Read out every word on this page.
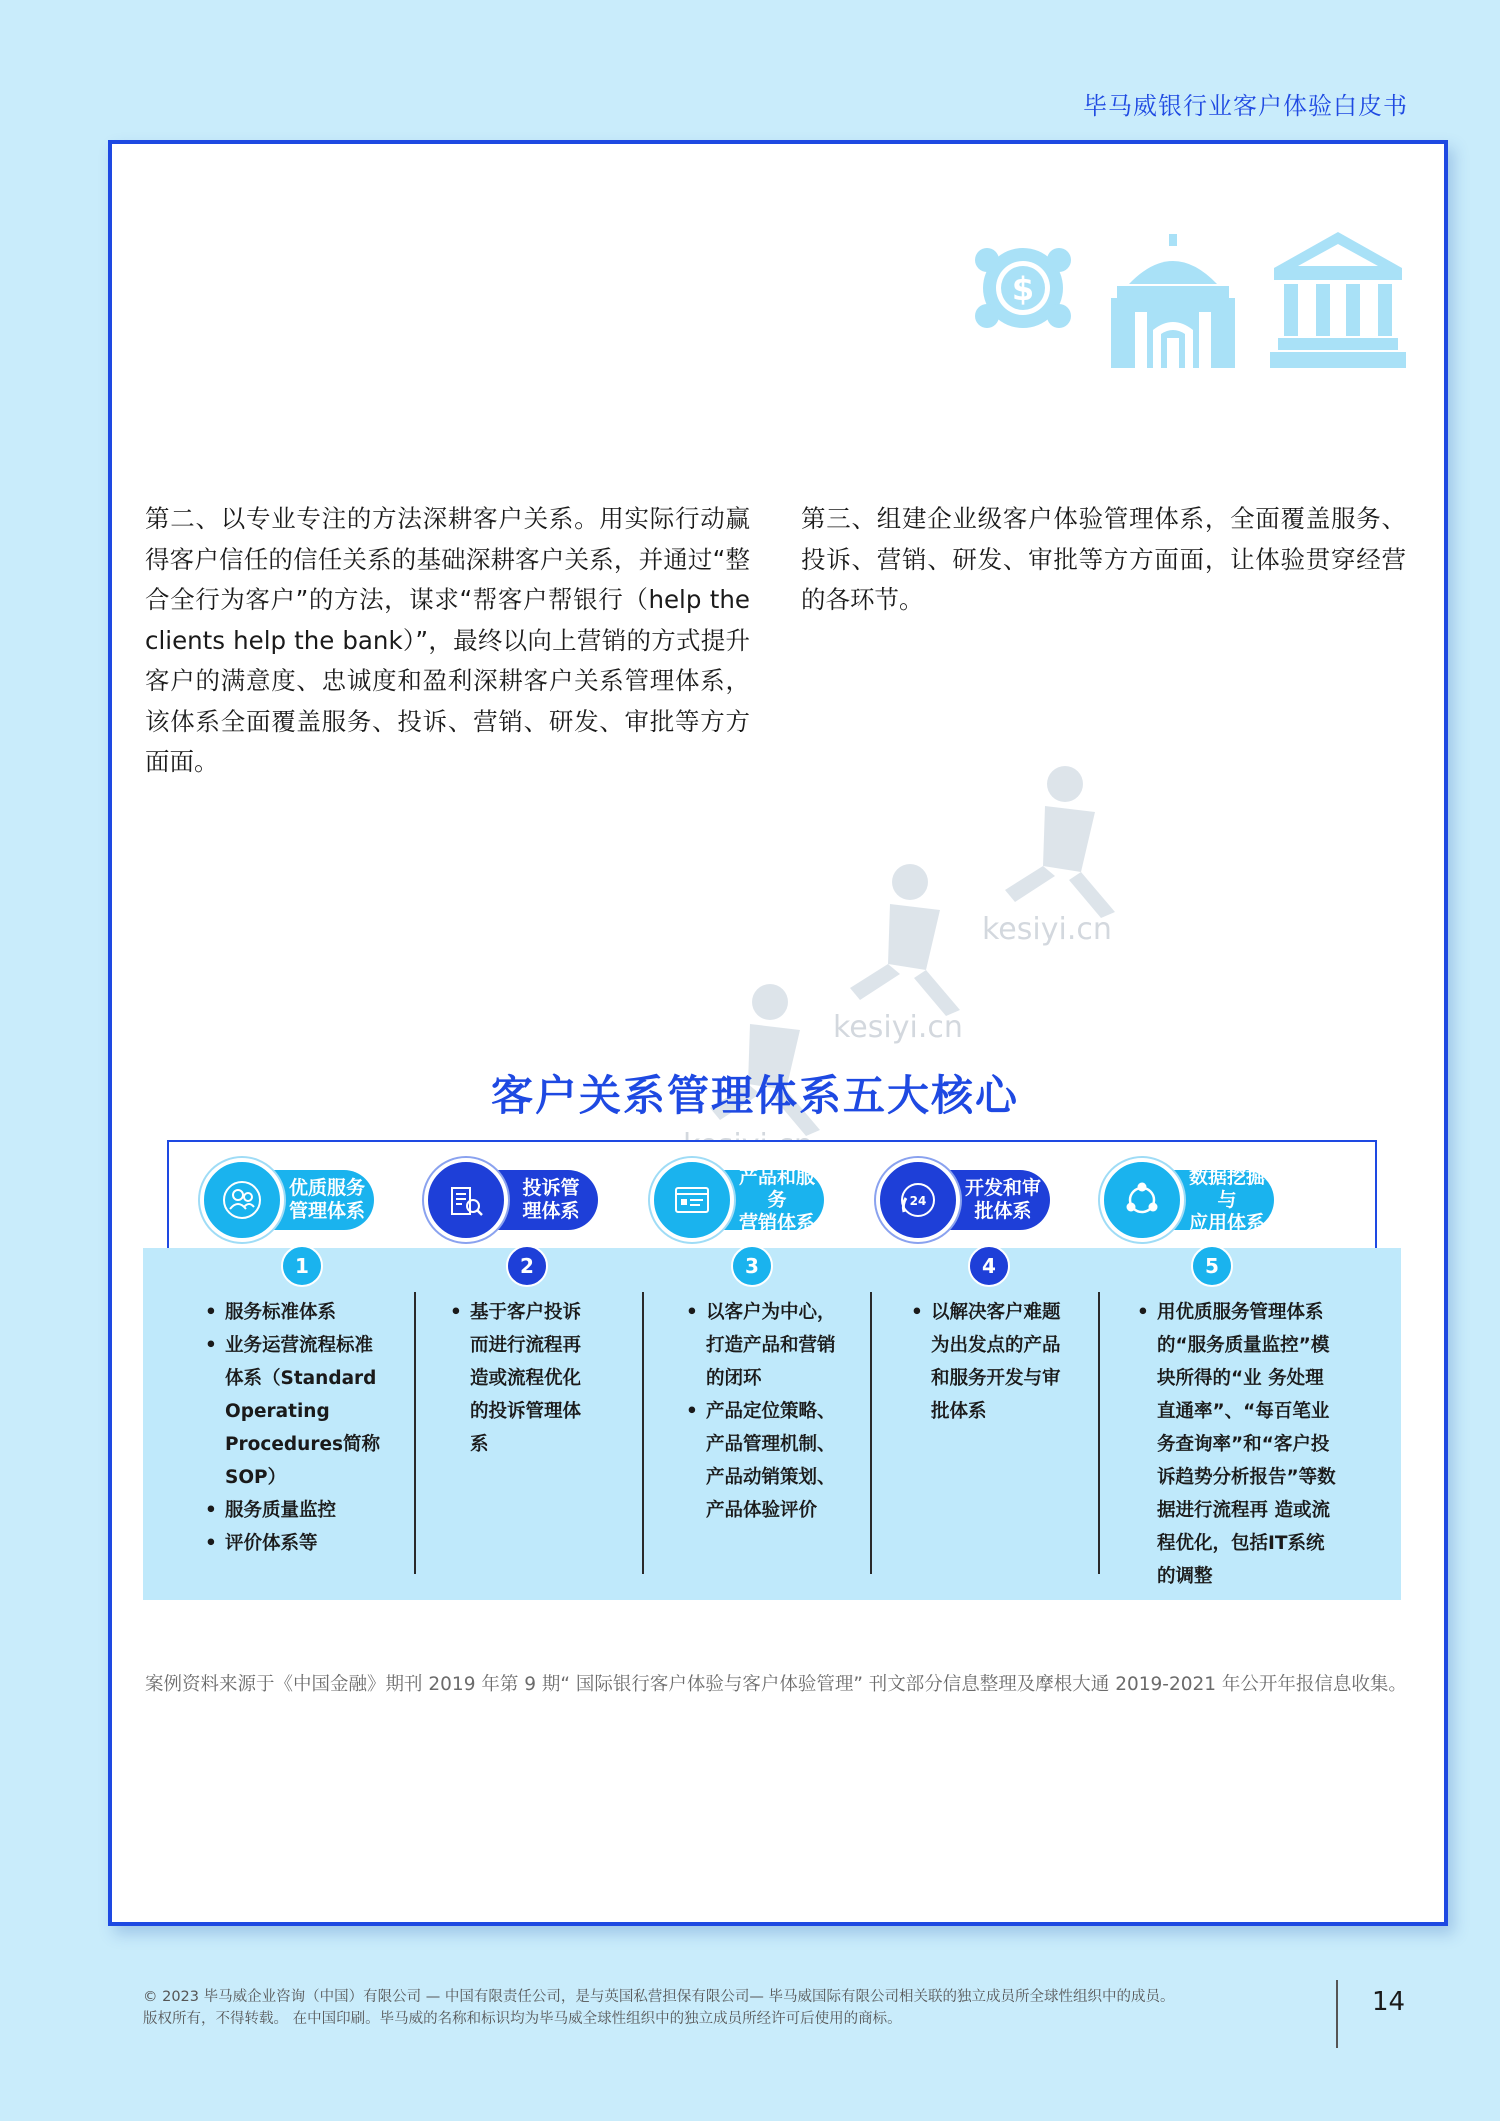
毕马威银行业客户体验白皮书
$
第二、以专业专注的方法深耕客户关系。用实际行动赢得客户信任的信任关系的基础深耕客户关系，并通过“整合全行为客户”的方法，谋求“帮客户帮银行（help the clients help the bank）”，最终以向上营销的方式提升客户的满意度、忠诚度和盈利深耕客户关系管理体系，该体系全面覆盖服务、投诉、营销、研发、审批等方方面面。
第三、组建企业级客户体验管理体系，全面覆盖服务、投诉、营销、研发、审批等方方面面，让体验贯穿经营的各环节。
kesiyi.cn
kesiyi.cn
客户关系管理体系五大核心
优质服务
管理体系
投诉管
理体系
产品和服务
营销体系
开发和审
批体系
24
数据挖掘与
应用体系
1	2	3	4	5
• 服务标准体系
• 业务运营流程标准体系（Standard Operating Procedures简称SOP）
• 服务质量监控
• 评价体系等
• 基于客户投诉而进行流程再造或流程优化的投诉管理体系
• 以客户为中心，打造产品和营销的闭环
• 产品定位策略、产品管理机制、产品动销策划、产品体验评价
• 以解决客户难题为出发点的产品和服务开发与审批体系
• 用优质服务管理体系的“服务质量监控”模块所得的“业 务处理直通率”、“每百笔业务查询率”和“客户投诉趋势分析报告”等数据进行流程再 造或流程优化，包括IT系统的调整
案例资料来源于《中国金融》期刊 2019 年第 9 期“ 国际银行客户体验与客户体验管理” 刊文部分信息整理及摩根大通 2019-2021 年公开年报信息收集。
© 2023 毕马威企业咨询（中国）有限公司 — 中国有限责任公司，是与英国私营担保有限公司— 毕马威国际有限公司相关联的独立成员所全球性组织中的成员。
版权所有，不得转载。 在中国印刷。毕马威的名称和标识均为毕马威全球性组织中的独立成员所经许可后使用的商标。
14
